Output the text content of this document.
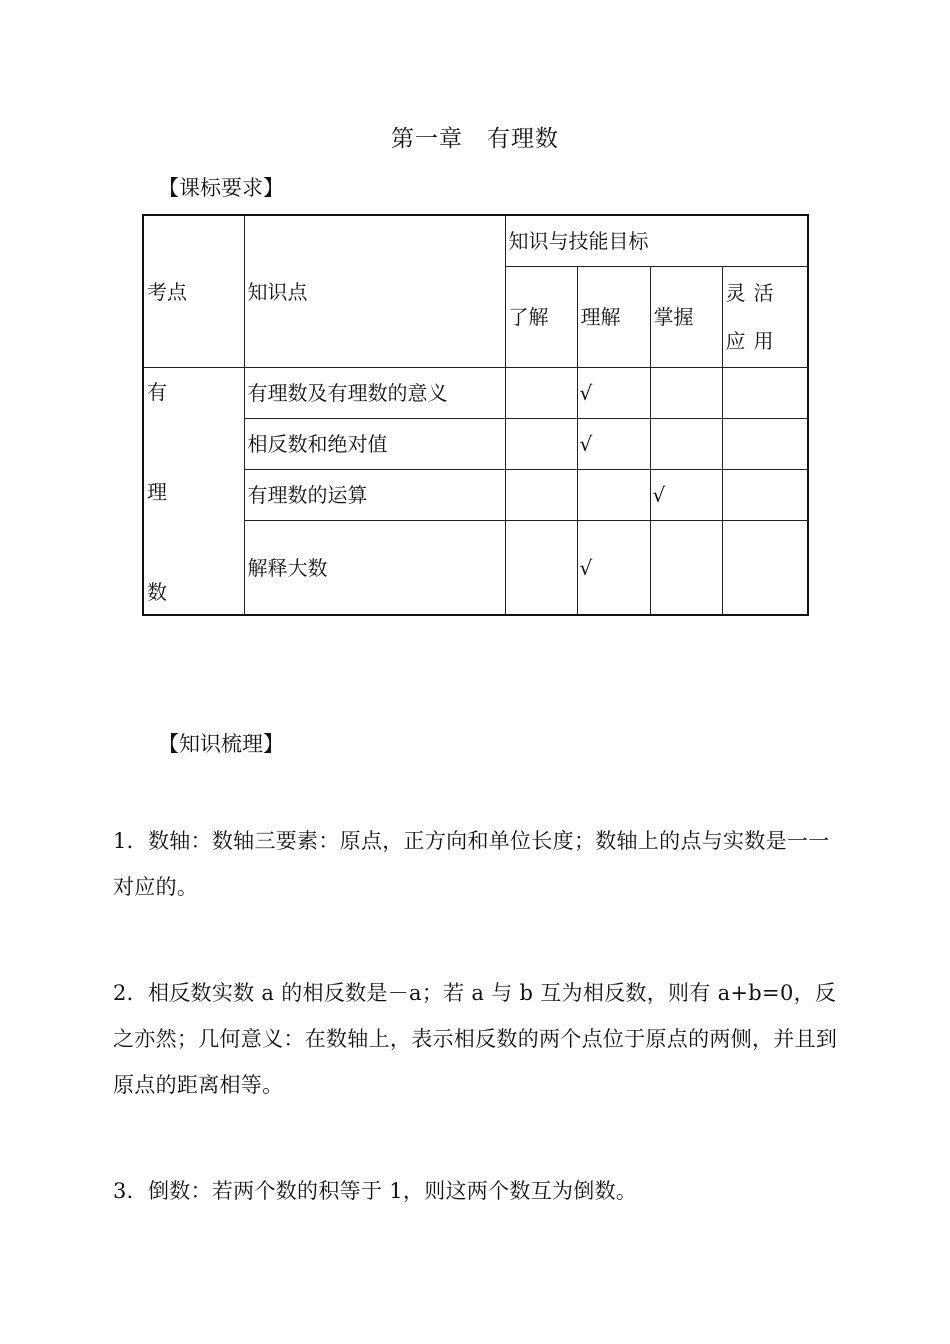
第一章　有理数
【课标要求】
考点	知识点	知识与技能目标			
		了解	理解	掌握	灵活应用

有
理
数	有理数及有理数的意义		√		
	相反数和绝对值		√		
	有理数的运算			√	
	解释大数		√		
【知识梳理】

1．数轴：数轴三要素：原点，正方向和单位长度；数轴上的点与实数是一一对应的。

2．相反数实数 a 的相反数是－a；若 a 与 b 互为相反数，则有 a+b=0，反之亦然；几何意义：在数轴上，表示相反数的两个点位于原点的两侧，并且到原点的距离相等。

3．倒数：若两个数的积等于 1，则这两个数互为倒数。
